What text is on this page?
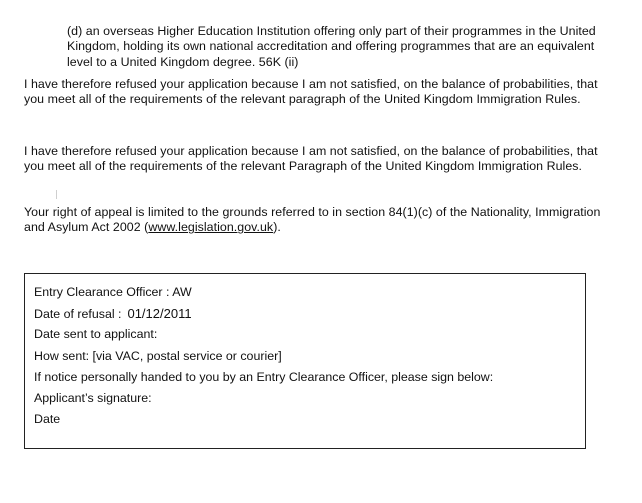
(d) an overseas Higher Education Institution offering only part of their programmes in the United Kingdom, holding its own national accreditation and offering programmes that are an equivalent level to a United Kingdom degree. 56K (ii)

I have therefore refused your application because I am not satisfied, on the balance of probabilities, that you meet all of the requirements of the relevant paragraph of the United Kingdom Immigration Rules.

I have therefore refused your application because I am not satisfied, on the balance of probabilities, that you meet all of the requirements of the relevant Paragraph of the United Kingdom Immigration Rules.

Your right of appeal is limited to the grounds referred to in section 84(1)(c) of the Nationality, Immigration and Asylum Act 2002 (www.legislation.gov.uk).

Entry Clearance Officer : AW
Date of refusal : 01/12/2011
Date sent to applicant:
How sent: [via VAC, postal service or courier]
If notice personally handed to you by an Entry Clearance Officer, please sign below:
Applicant’s signature:
Date
